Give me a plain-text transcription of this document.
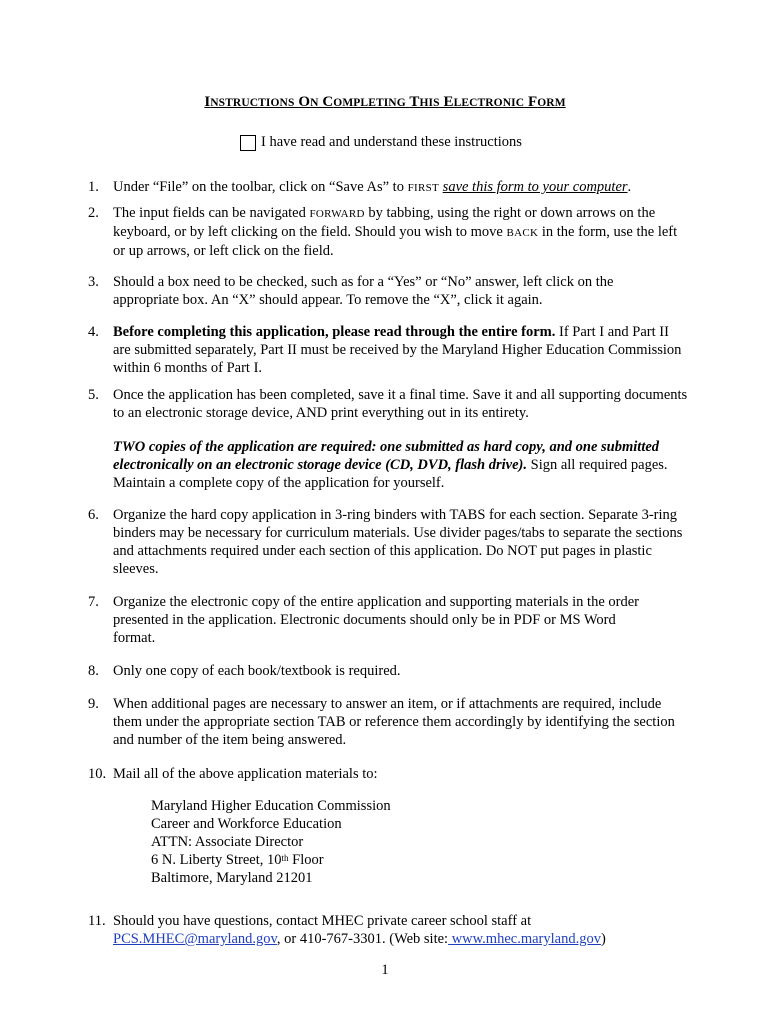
INSTRUCTIONS ON COMPLETING THIS ELECTRONIC FORM
I have read and understand these instructions
1. Under “File” on the toolbar, click on “Save As” to FIRST save this form to your computer.
2. The input fields can be navigated FORWARD by tabbing, using the right or down arrows on the keyboard, or by left clicking on the field. Should you wish to move BACK in the form, use the left or up arrows, or left click on the field.
3. Should a box need to be checked, such as for a “Yes” or “No” answer, left click on the appropriate box. An “X” should appear. To remove the “X”, click it again.
4. Before completing this application, please read through the entire form. If Part I and Part II are submitted separately, Part II must be received by the Maryland Higher Education Commission within 6 months of Part I.
5. Once the application has been completed, save it a final time. Save it and all supporting documents to an electronic storage device, AND print everything out in its entirety.
TWO copies of the application are required: one submitted as hard copy, and one submitted electronically on an electronic storage device (CD, DVD, flash drive). Sign all required pages. Maintain a complete copy of the application for yourself.
6. Organize the hard copy application in 3-ring binders with TABS for each section. Separate 3-ring binders may be necessary for curriculum materials. Use divider pages/tabs to separate the sections and attachments required under each section of this application. Do NOT put pages in plastic sleeves.
7. Organize the electronic copy of the entire application and supporting materials in the order presented in the application. Electronic documents should only be in PDF or MS Word format.
8. Only one copy of each book/textbook is required.
9. When additional pages are necessary to answer an item, or if attachments are required, include them under the appropriate section TAB or reference them accordingly by identifying the section and number of the item being answered.
10. Mail all of the above application materials to:
Maryland Higher Education Commission
Career and Workforce Education
ATTN: Associate Director
6 N. Liberty Street, 10th Floor
Baltimore, Maryland 21201
11. Should you have questions, contact MHEC private career school staff at
PCS.MHEC@maryland.gov, or 410-767-3301. (Web site: www.mhec.maryland.gov)
1
